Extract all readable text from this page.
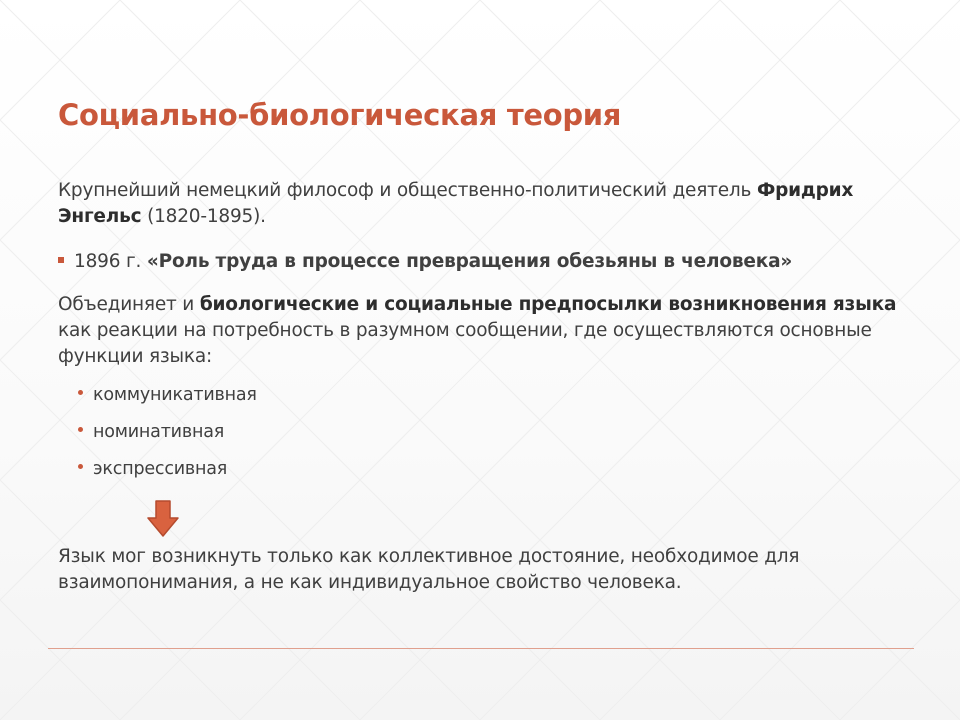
Социально-биологическая теория
Крупнейший немецкий философ и общественно-политический деятель Фридрих Энгельс (1820-1895).
1896 г. «Роль труда в процессе превращения обезьяны в человека»
Объединяет и биологические и социальные предпосылки возникновения языка как реакции на потребность в разумном сообщении, где осуществляются основные функции языка:
коммуникативная
номинативная
экспрессивная
Язык мог возникнуть только как коллективное достояние, необходимое для взаимопонимания, а не как индивидуальное свойство человека.
